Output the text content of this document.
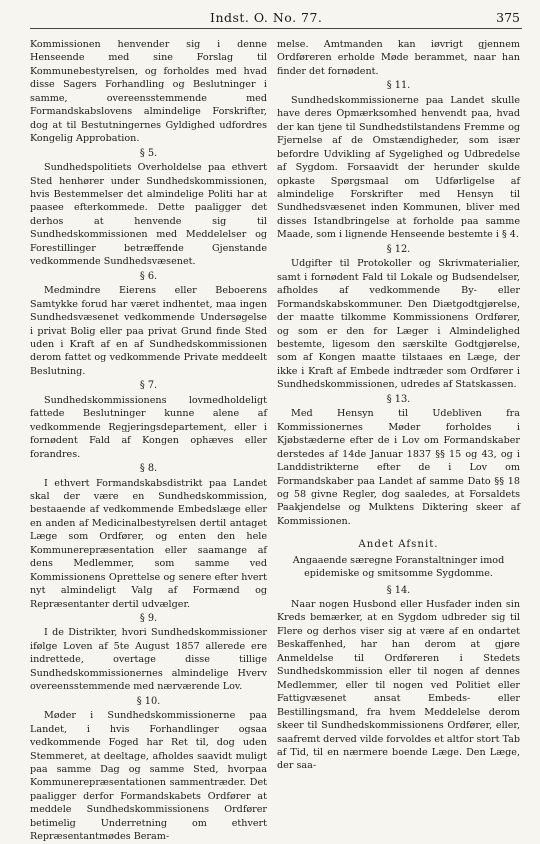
Indst. O. No. 77.	375

Kommissionen henvender sig i denne Henseende med sine Forslag til Kommunebestyrelsen, og forholdes med hvad disse Sagers Forhandling og Beslutninger i samme, overeensstemmende med Formandskabslovens almindelige Forskrifter, dog at til Bestutningernes Gyldighed udfordres Kongelig Approbation.

§ 5.

Sundhedspolitiets Overholdelse paa ethvert Sted henhører under Sundhedskommissionen, hvis Bestemmelser det almindelige Politi har at paasee efterkommede. Dette paaligger det derhos at henvende sig til Sundhedskommissionen med Meddelelser og Forestillinger betræffende Gjenstande vedkommende Sundhedsvæsenet.

§ 6.

Medmindre Eierens eller Beboerens Samtykke forud har været indhentet, maa ingen Sundhedsvæsenet vedkommende Undersøgelse i privat Bolig eller paa privat Grund finde Sted uden i Kraft af en af Sundhedskommissionen derom fattet og vedkommende Private meddeelt Beslutning.

§ 7.

Sundhedskommissionens lovmedholdeligt fattede Beslutninger kunne alene af vedkommende Regjeringsdepartement, eller i fornødent Fald af Kongen ophæves eller forandres.

§ 8.

I ethvert Formandskabsdistrikt paa Landet skal der være en Sundhedskommission, bestaaende af vedkommende Embedslæge eller en anden af Medicinalbestyrelsen dertil antaget Læge som Ordfører, og enten den hele Kommunerepræsentation eller saamange af dens Medlemmer, som samme ved Kommissionens Oprettelse og senere efter hvert nyt almindeligt Valg af Formænd og Repræsentanter dertil udvælger.

§ 9.

I de Distrikter, hvori Sundhedskommissioner ifølge Loven af 5te August 1857 allerede ere indrettede, overtage disse tillige Sundhedskommissionernes almindelige Hverv overeensstemmende med nærværende Lov.

§ 10.

Møder i Sundhedskommissionerne paa Landet, i hvis Forhandlinger ogsaa vedkommende Foged har Ret til, dog uden Stemmeret, at deeltage, afholdes saavidt muligt paa samme Dag og samme Sted, hvorpaa Kommunerepræsentationen sammentræder. Det paaligger derfor Formandskabets Ordfører at meddele Sundhedskommissionens Ordfører betimelig Underretning om ethvert Repræsentantmødes Beram-

melse. Amtmanden kan iøvrigt gjennem Ordføreren erholde Møde berammet, naar han finder det fornødent.

§ 11.

Sundhedskommissionerne paa Landet skulle have deres Opmærksomhed henvendt paa, hvad der kan tjene til Sundhedstilstandens Fremme og Fjernelse af de Omstændigheder, som især befordre Udvikling af Sygelighed og Udbredelse af Sygdom. Forsaavidt der herunder skulde opkaste Spørgsmaal om Udførligelse af almindelige Forskrifter med Hensyn til Sundhedsvæsenet inden Kommunen, bliver med disses Istandbringelse at forholde paa samme Maade, som i lignende Henseende bestemte i § 4.

§ 12.

Udgifter til Protokoller og Skrivmaterialier, samt i fornødent Fald til Lokale og Budsendelser, afholdes af vedkommende By- eller Formandskabskommuner. Den Diætgodtgjørelse, der maatte tilkomme Kommissionens Ordfører, og som er den for Læger i Almindelighed bestemte, ligesom den særskilte Godtgjørelse, som af Kongen maatte tilstaaes en Læge, der ikke i Kraft af Embede indtræder som Ordfører i Sundhedskommissionen, udredes af Statskassen.

§ 13.

Med Hensyn til Udebliven fra Kommissionernes Møder forholdes i Kjøbstæderne efter de i Lov om Formandskaber derstedes af 14de Januar 1837 §§ 15 og 43, og i Landdistrikterne efter de i Lov om Formandskaber paa Landet af samme Dato §§ 18 og 58 givne Regler, dog saaledes, at Forsaldets Paakjendelse og Mulktens Diktering skeer af Kommissionen.

Andet Afsnit.
Angaaende særegne Foranstaltninger imod epidemiske og smitsomme Sygdomme.
§ 14.

Naar nogen Husbond eller Husfader inden sin Kreds bemærker, at en Sygdom udbreder sig til Flere og derhos viser sig at være af en ondartet Beskaffenhed, har han derom at gjøre Anmeldelse til Ordføreren i Stedets Sundhedskommission eller til nogen af dennes Medlemmer, eller til nogen ved Politiet eller Fattigvæsenet ansat Embeds- eller Bestillingsmand, fra hvem Meddelelse derom skeer til Sundhedskommissionens Ordfører, eller, saafremt derved vilde forvoldes et altfor stort Tab af Tid, til en nærmere boende Læge. Den Læge, der saa-
